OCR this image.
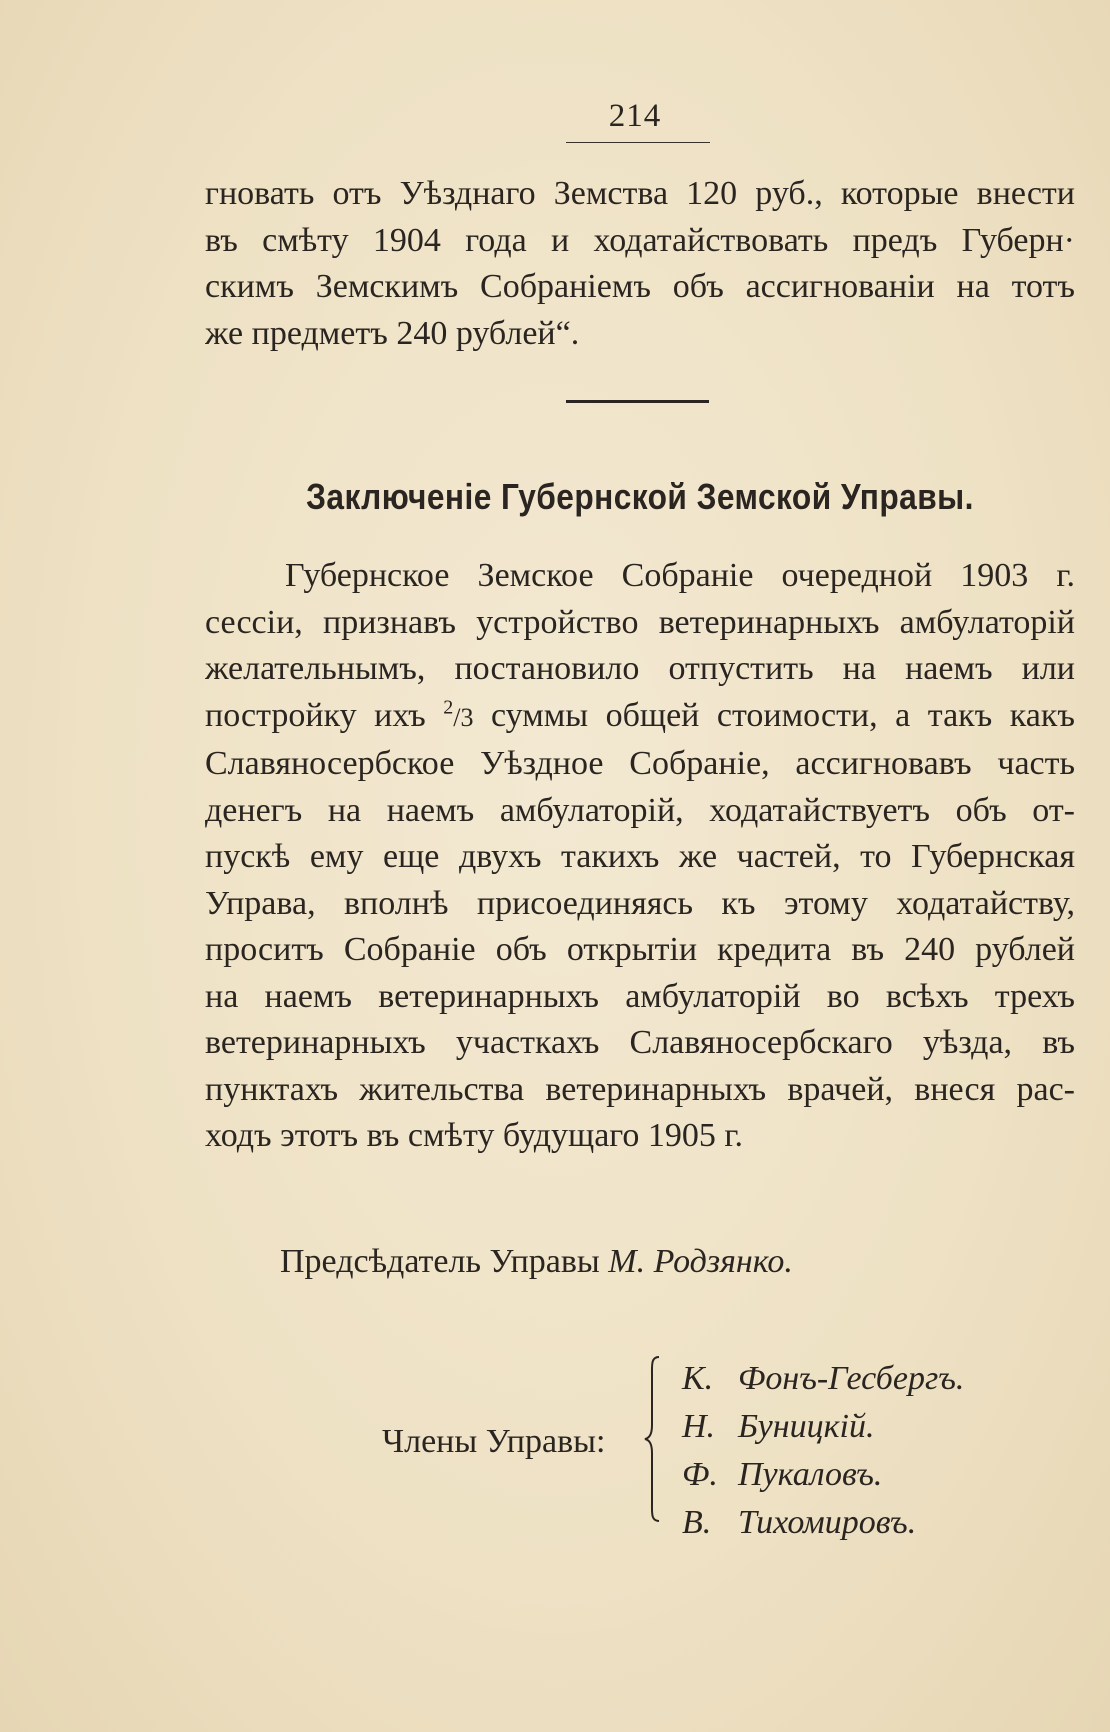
214
гновать отъ Уѣзднаго Земства 120 руб., которые внести
въ смѣту 1904 года и ходатайствовать предъ Губерн·
скимъ Земскимъ Собраніемъ объ ассигнованіи на тотъ
же предметъ 240 рублей“.
Заключеніе Губернской Земской Управы.
Губернское Земское Собраніе очередной 1903 г.
сессіи, признавъ устройство ветеринарныхъ амбулаторій
желательнымъ, постановило отпустить на наемъ или
постройку ихъ $^2$/3 суммы общей стоимости, а такъ какъ
Славяносербское Уѣздное Собраніе, ассигновавъ часть
денегъ на наемъ амбулаторій, ходатайствуетъ объ от-
пускѣ ему еще двухъ такихъ же частей, то Губернская
Управа, вполнѣ присоединяясь къ этому ходатайству,
проситъ Собраніе объ открытіи кредита въ 240 рублей
на наемъ ветеринарныхъ амбулаторій во всѣхъ трехъ
ветеринарныхъ участкахъ Славяносербскаго уѣзда, въ
пунктахъ жительства ветеринарныхъ врачей, внеся рас-
ходъ этотъ въ смѣту будущаго 1905 г.
Предсѣдатель Управы М. Родзянко.
Члены Управы:
К. Фонъ-Гесбергъ.
Н. Буницкій.
Ф. Пукаловъ.
В. Тихомировъ.
